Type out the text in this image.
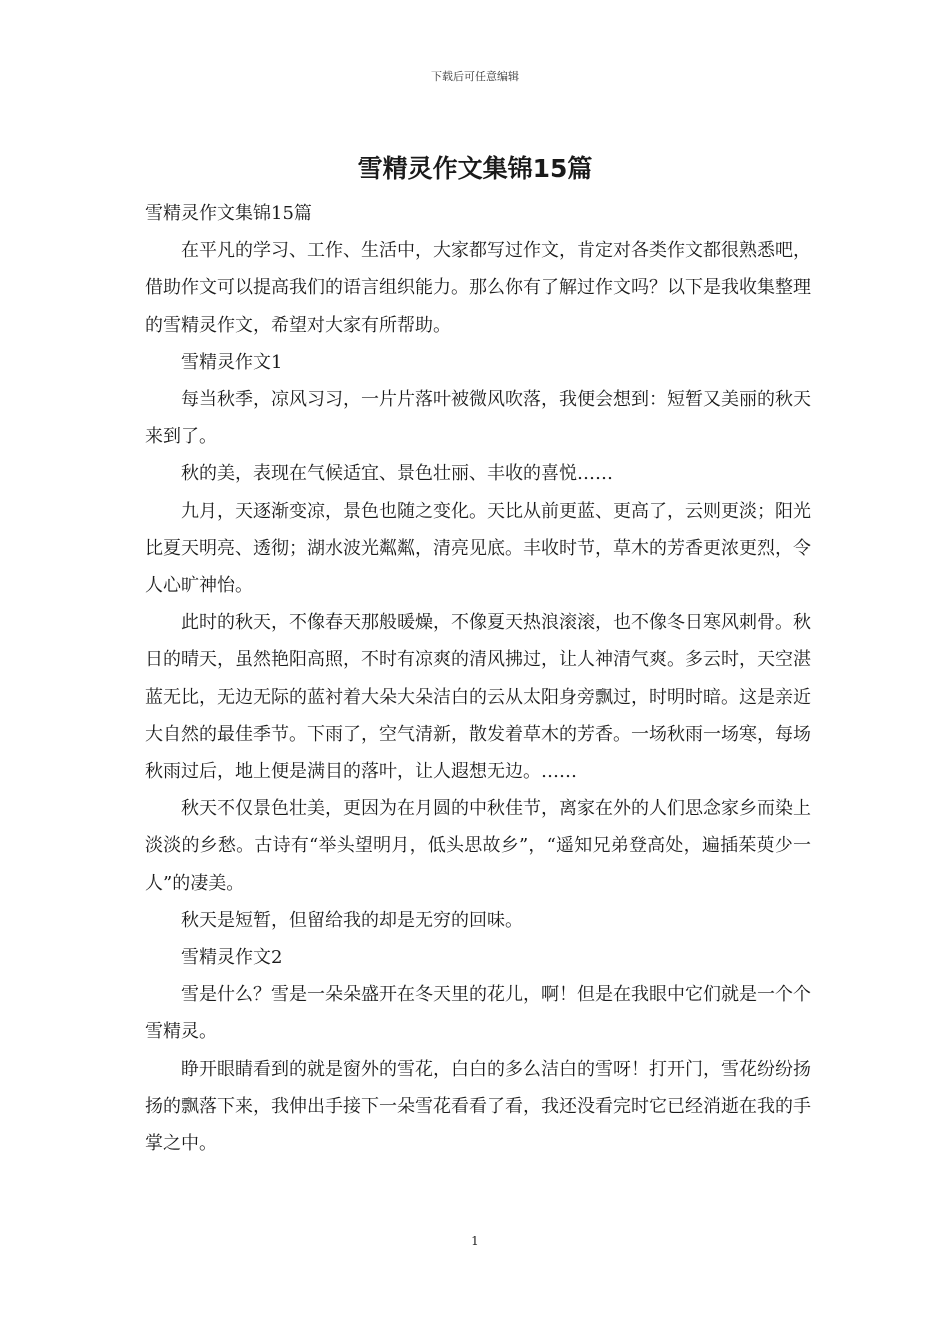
下载后可任意编辑
雪精灵作文集锦15篇

雪精灵作文集锦15篇

在平凡的学习、工作、生活中，大家都写过作文，肯定对各类作文都很熟悉吧，借助作文可以提高我们的语言组织能力。那么你有了解过作文吗？以下是我收集整理的雪精灵作文，希望对大家有所帮助。

雪精灵作文1

每当秋季，凉风习习，一片片落叶被微风吹落，我便会想到：短暂又美丽的秋天来到了。

秋的美，表现在气候适宜、景色壮丽、丰收的喜悦……

九月，天逐渐变凉，景色也随之变化。天比从前更蓝、更高了，云则更淡；阳光比夏天明亮、透彻；湖水波光粼粼，清亮见底。丰收时节，草木的芳香更浓更烈，令人心旷神怡。

此时的秋天，不像春天那般暖燥，不像夏天热浪滚滚，也不像冬日寒风刺骨。秋日的晴天，虽然艳阳高照，不时有凉爽的清风拂过，让人神清气爽。多云时，天空湛蓝无比，无边无际的蓝衬着大朵大朵洁白的云从太阳身旁飘过，时明时暗。这是亲近大自然的最佳季节。下雨了，空气清新，散发着草木的芳香。一场秋雨一场寒，每场秋雨过后，地上便是满目的落叶，让人遐想无边。……

秋天不仅景色壮美，更因为在月圆的中秋佳节，离家在外的人们思念家乡而染上淡淡的乡愁。古诗有“举头望明月，低头思故乡”，“遥知兄弟登高处，遍插茱萸少一人”的凄美。

秋天是短暂，但留给我的却是无穷的回味。

雪精灵作文2

雪是什么？雪是一朵朵盛开在冬天里的花儿，啊！但是在我眼中它们就是一个个雪精灵。

睁开眼睛看到的就是窗外的雪花，白白的多么洁白的雪呀！打开门，雪花纷纷扬扬的飘落下来，我伸出手接下一朵雪花看看了看，我还没看完时它已经消逝在我的手掌之中。

1
